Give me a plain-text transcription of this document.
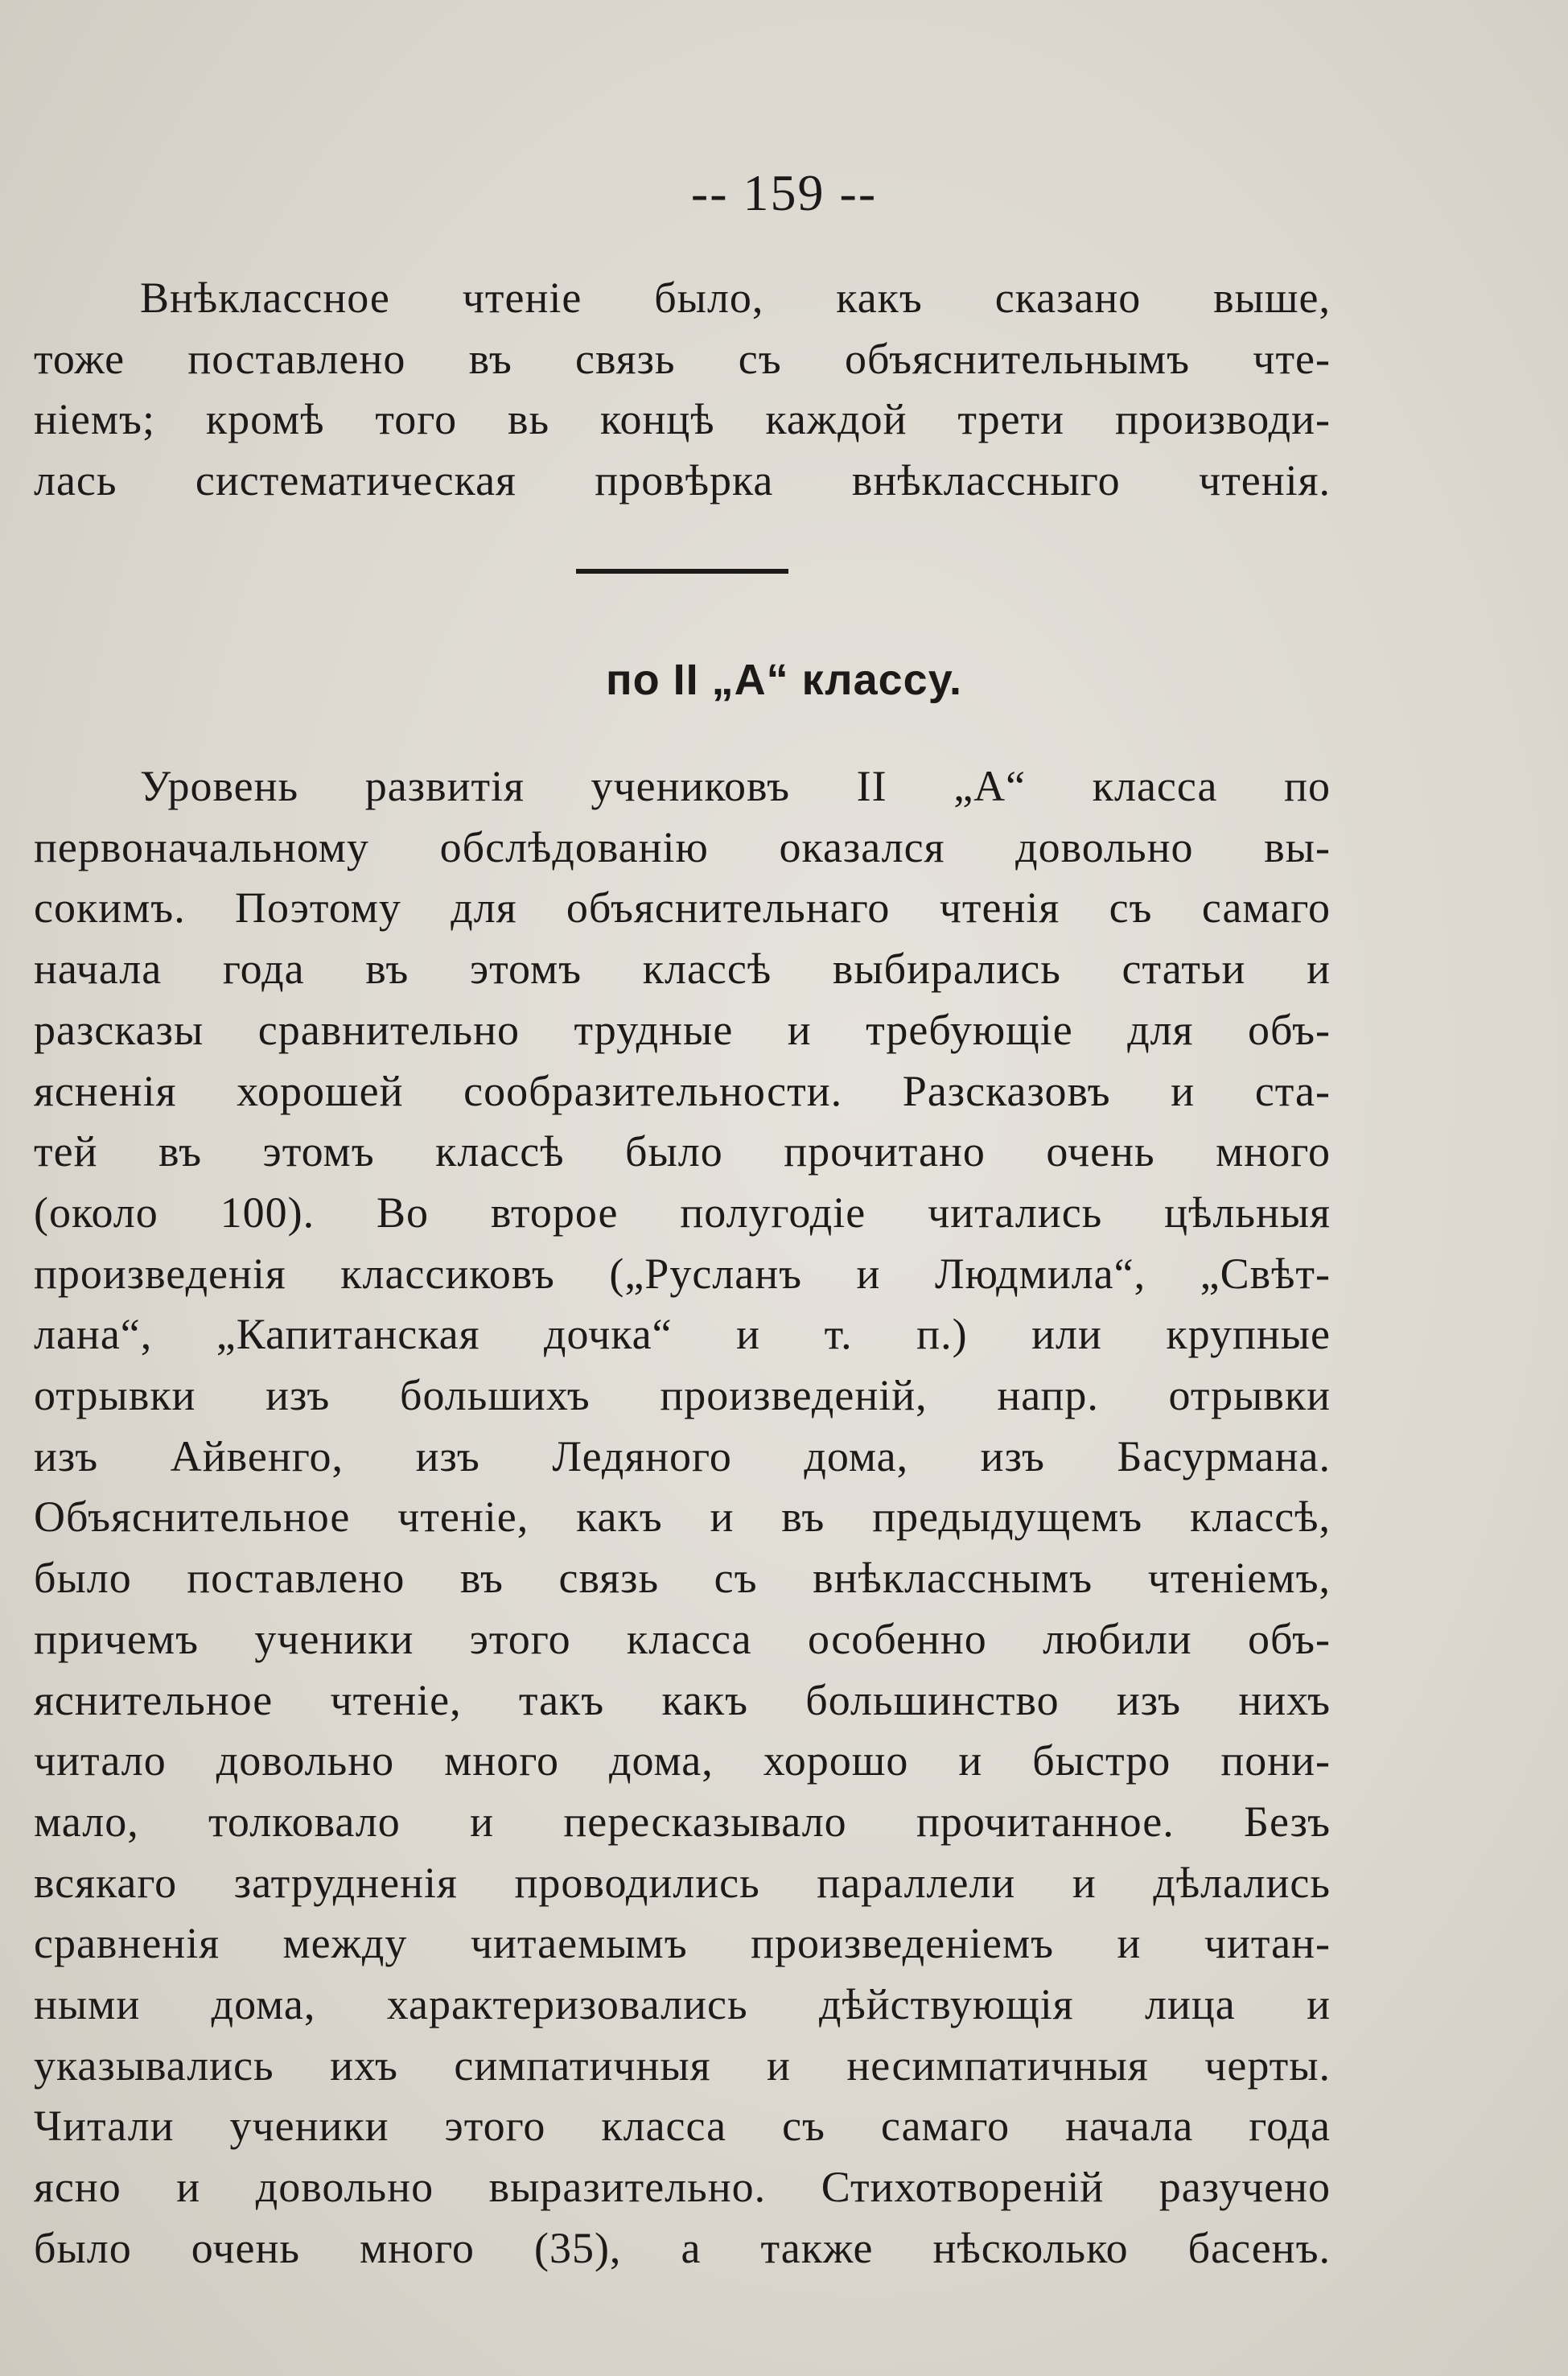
-- 159 --
Внѣклассное чтеніе было, какъ сказано выше,
тоже поставлено въ связь съ объяснительнымъ чте-
ніемъ; кромѣ того вь концѣ каждой трети производи-
лась систематическая провѣрка внѣклассныго чтенія.
по II „А“ классу.
Уровень развитія учениковъ II „А“ класса по
первоначальному обслѣдованію оказался довольно вы-
сокимъ. Поэтому для объяснительнаго чтенія съ самаго
начала года въ этомъ классѣ выбирались статьи и
разсказы сравнительно трудные и требующіе для объ-
ясненія хорошей сообразительности. Разсказовъ и ста-
тей въ этомъ классѣ было прочитано очень много
(около 100). Во второе полугодіе читались цѣльныя
произведенія классиковъ („Русланъ и Людмила“, „Свѣт-
лана“, „Капитанская дочка“ и т. п.) или крупные
отрывки изъ большихъ произведеній, напр. отрывки
изъ Айвенго, изъ Ледяного дома, изъ Басурмана.
Объяснительное чтеніе, какъ и въ предыдущемъ классѣ,
было поставлено въ связь съ внѣкласснымъ чтеніемъ,
причемъ ученики этого класса особенно любили объ-
яснительное чтеніе, такъ какъ большинство изъ нихъ
читало довольно много дома, хорошо и быстро пони-
мало, толковало и пересказывало прочитанное. Безъ
всякаго затрудненія проводились параллели и дѣлались
сравненія между читаемымъ произведеніемъ и читан-
ными дома, характеризовались дѣйствующія лица и
указывались ихъ симпатичныя и несимпатичныя черты.
Читали ученики этого класса съ самаго начала года
ясно и довольно выразительно. Стихотвореній разучено
было очень много (35), а также нѣсколько басенъ.
